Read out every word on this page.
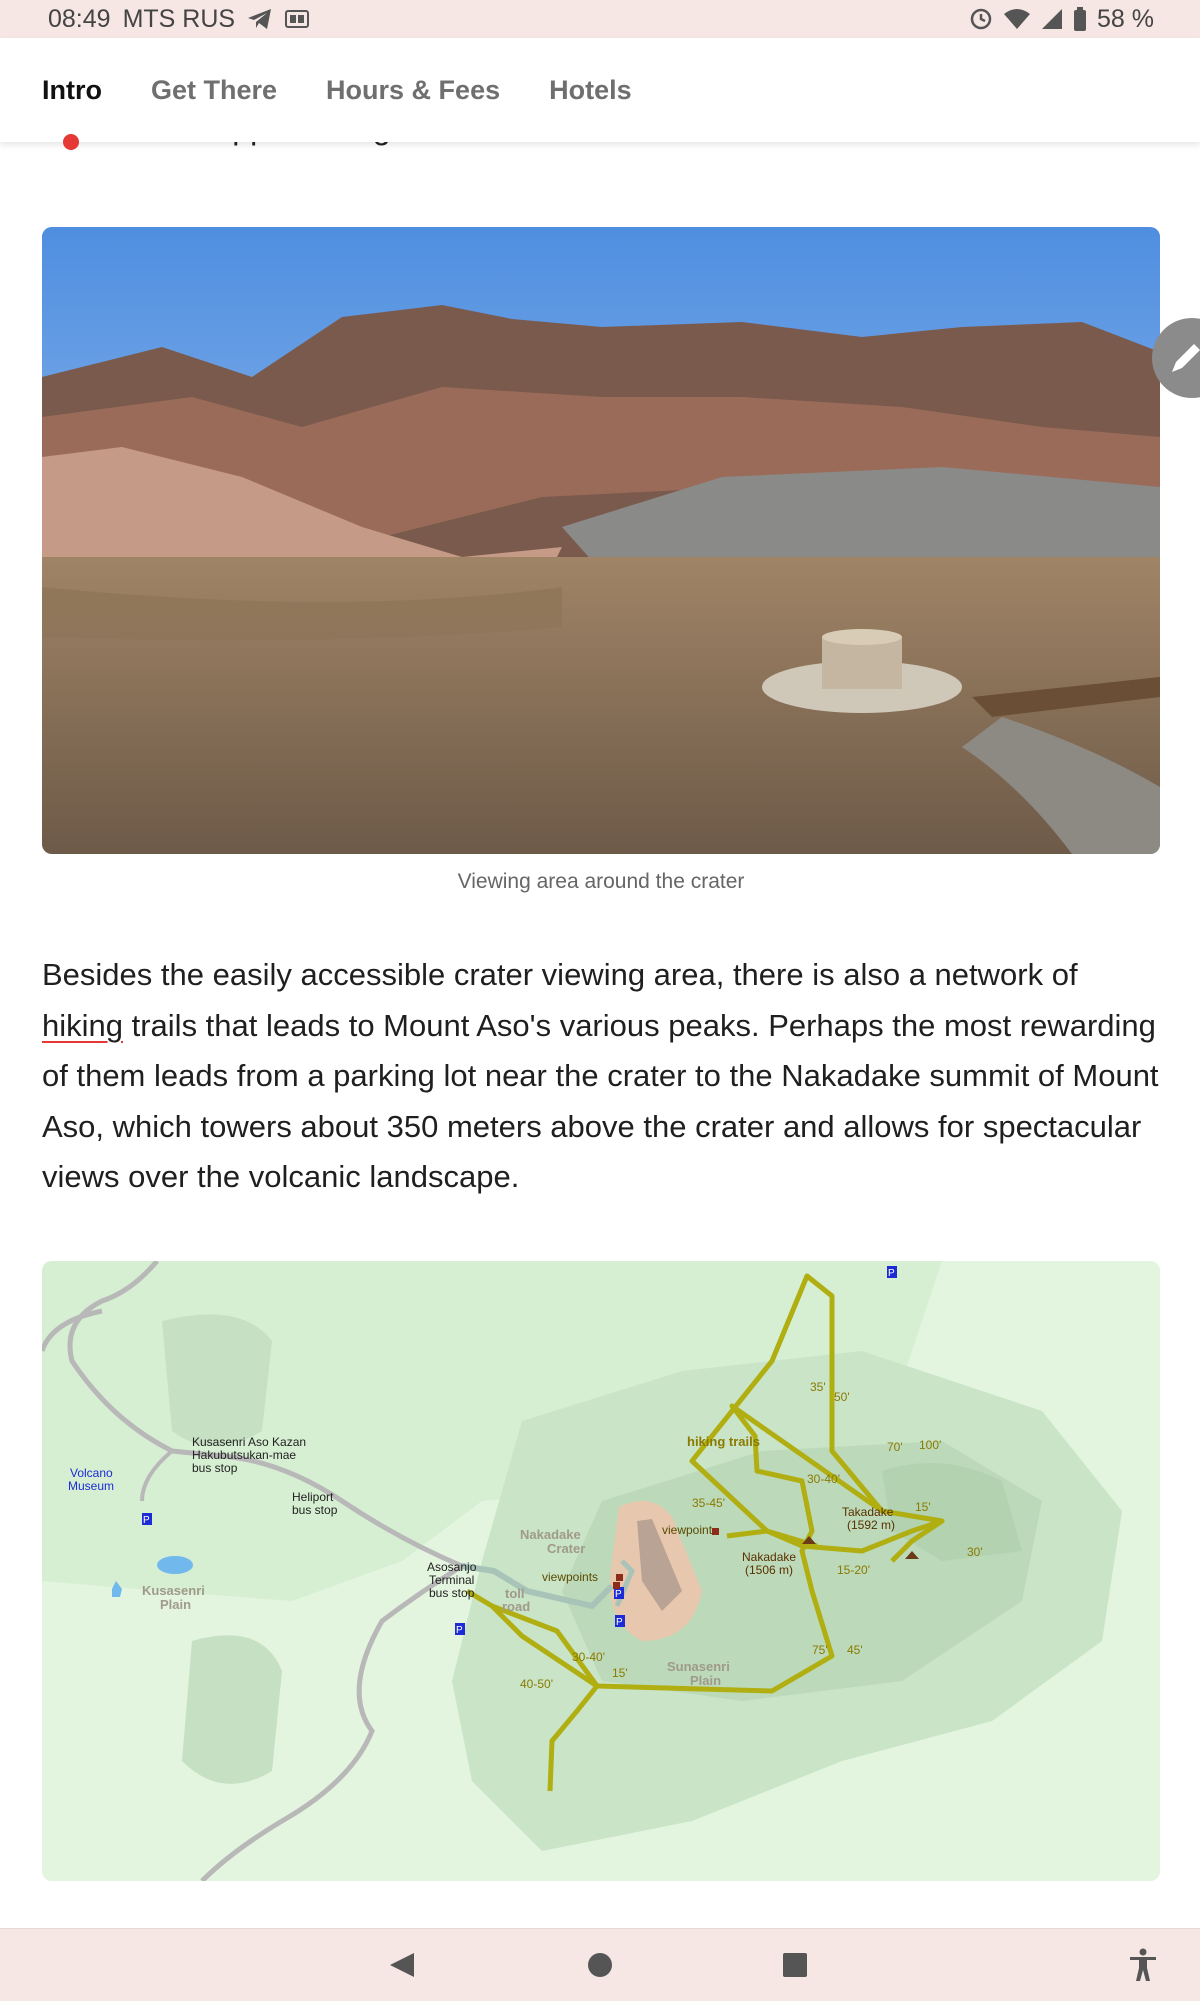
08:49 MTS RUS	58 %
Intro Get There Hours & Fees Hotels
Viewing area around the crater
Besides the easily accessible crater viewing area, there is also a network of hiking trails that leads to Mount Aso's various peaks. Perhaps the most rewarding of them leads from a parking lot near the crater to the Nakadake summit of Mount Aso, which towers about 350 meters above the crater and allows for spectacular views over the volcanic landscape.
Kusasenri Aso Kazan
Hakubutsukan-mae
bus stop
Heliport
bus stop
Asosanjo
Terminal
bus stop
viewpoint
viewpoints
Nakadake
(1506 m)
Takadake
(1592 m)
Volcano
Museum
P
P
P
P
P
Kusasenri
Plain
Nakadake
Crater
toll
road
Sunasenri
Plain
hiking trails
35'
50'
70' 100'
30-40'
35-45'	15'
30'
15-20'
75' 45'
30-40'
15'
40-50'
